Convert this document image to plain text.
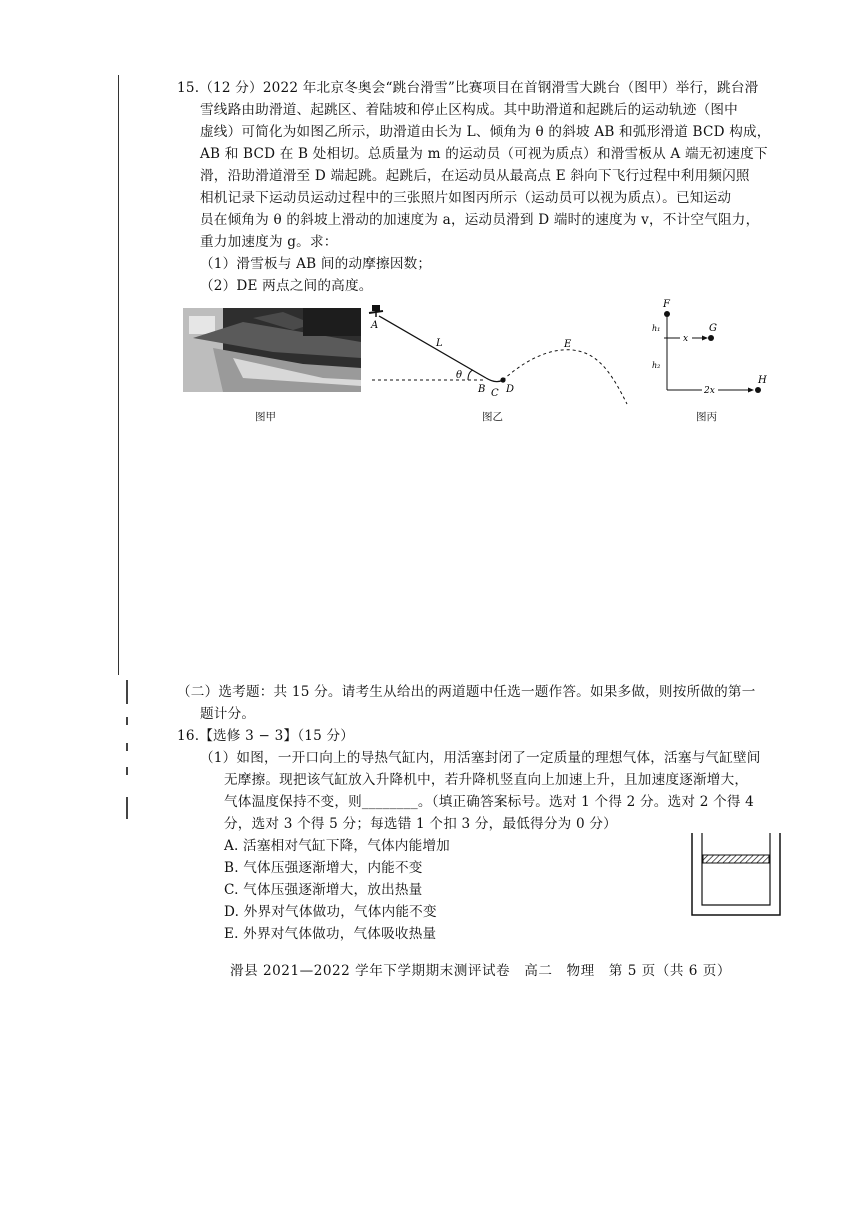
15.（12 分）2022 年北京冬奥会“跳台滑雪”比赛项目在首钢滑雪大跳台（图甲）举行，跳台滑
雪线路由助滑道、起跳区、着陆坡和停止区构成。其中助滑道和起跳后的运动轨迹（图中
虚线）可简化为如图乙所示，助滑道由长为 L、倾角为 θ 的斜坡 AB 和弧形滑道 BCD 构成，
AB 和 BCD 在 B 处相切。总质量为 m 的运动员（可视为质点）和滑雪板从 A 端无初速度下
滑，沿助滑道滑至 D 端起跳。起跳后，在运动员从最高点 E 斜向下飞行过程中利用频闪照
相机记录下运动员运动过程中的三张照片如图丙所示（运动员可以视为质点）。已知运动
员在倾角为 θ 的斜坡上滑动的加速度为 a，运动员滑到 D 端时的速度为 v，不计空气阻力，
重力加速度为 g。求：
（1）滑雪板与 AB 间的动摩擦因数；
（2）DE 两点之间的高度。
图甲
A
L
θ
B C D
E
图乙
F
G
H
h₁
h₂
x
2x
图丙
（二）选考题：共 15 分。请考生从给出的两道题中任选一题作答。如果多做，则按所做的第一
题计分。
16.【选修 3 − 3】（15 分）
（1）如图，一开口向上的导热气缸内，用活塞封闭了一定质量的理想气体，活塞与气缸壁间
无摩擦。现把该气缸放入升降机中，若升降机竖直向上加速上升，且加速度逐渐增大，
气体温度保持不变，则________。（填正确答案标号。选对 1 个得 2 分。选对 2 个得 4
分，选对 3 个得 5 分；每选错 1 个扣 3 分，最低得分为 0 分）
A. 活塞相对气缸下降，气体内能增加
B. 气体压强逐渐增大，内能不变
C. 气体压强逐渐增大，放出热量
D. 外界对气体做功，气体内能不变
E. 外界对气体做功，气体吸收热量
滑县 2021—2022 学年下学期期末测评试卷　高二　物理　第 5 页（共 6 页）
